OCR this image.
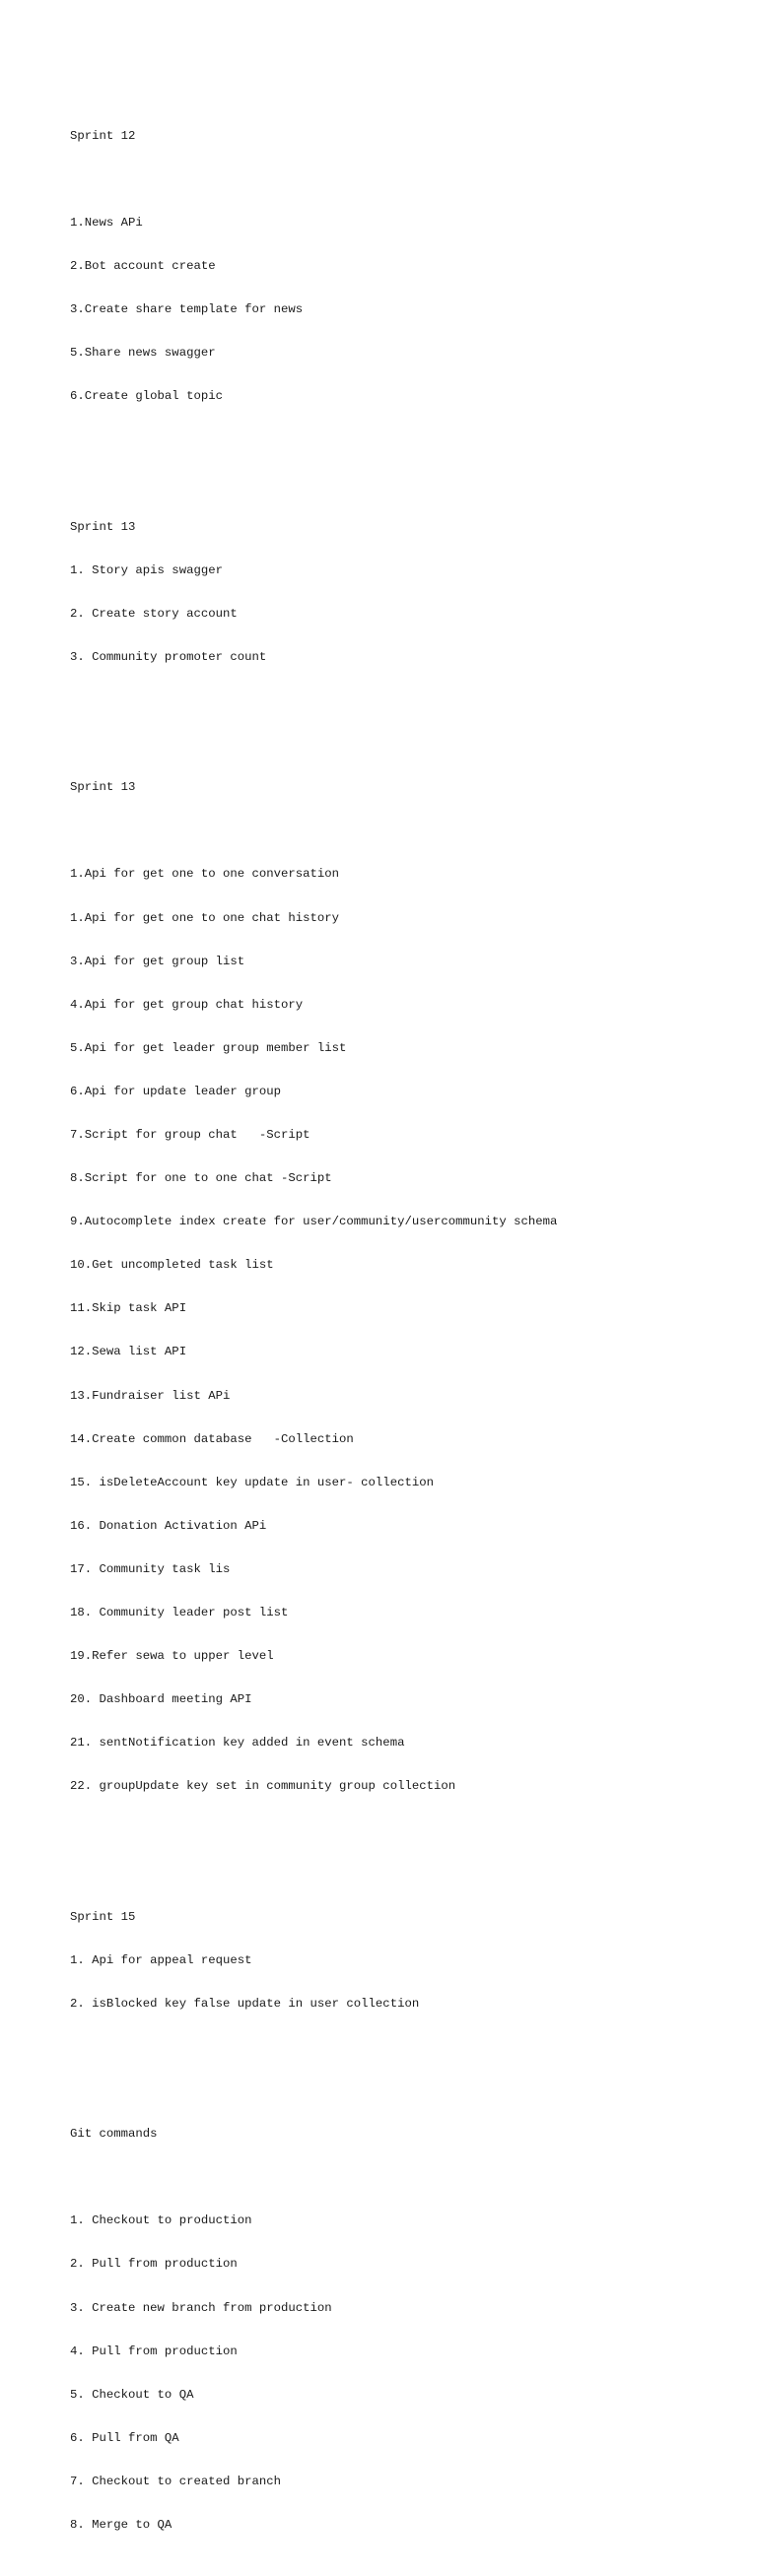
Sprint 12

1.News APi

2.Bot account create

3.Create share template for news

5.Share news swagger

6.Create global topic

Sprint 13

1. Story apis swagger

2. Create story account

3. Community promoter count

Sprint 13

1.Api for get one to one conversation

1.Api for get one to one chat history

3.Api for get group list

4.Api for get group chat history

5.Api for get leader group member list

6.Api for update leader group

7.Script for group chat   -Script

8.Script for one to one chat -Script

9.Autocomplete index create for user/community/usercommunity schema

10.Get uncompleted task list

11.Skip task API

12.Sewa list API

13.Fundraiser list APi

14.Create common database   -Collection

15. isDeleteAccount key update in user- collection

16. Donation Activation APi

17. Community task lis

18. Community leader post list

19.Refer sewa to upper level

20. Dashboard meeting API

21. sentNotification key added in event schema

22. groupUpdate key set in community group collection

Sprint 15

1. Api for appeal request

2. isBlocked key false update in user collection

Git commands

1. Checkout to production

2. Pull from production

3. Create new branch from production

4. Pull from production

5. Checkout to QA

6. Pull from QA

7. Checkout to created branch

8. Merge to QA
